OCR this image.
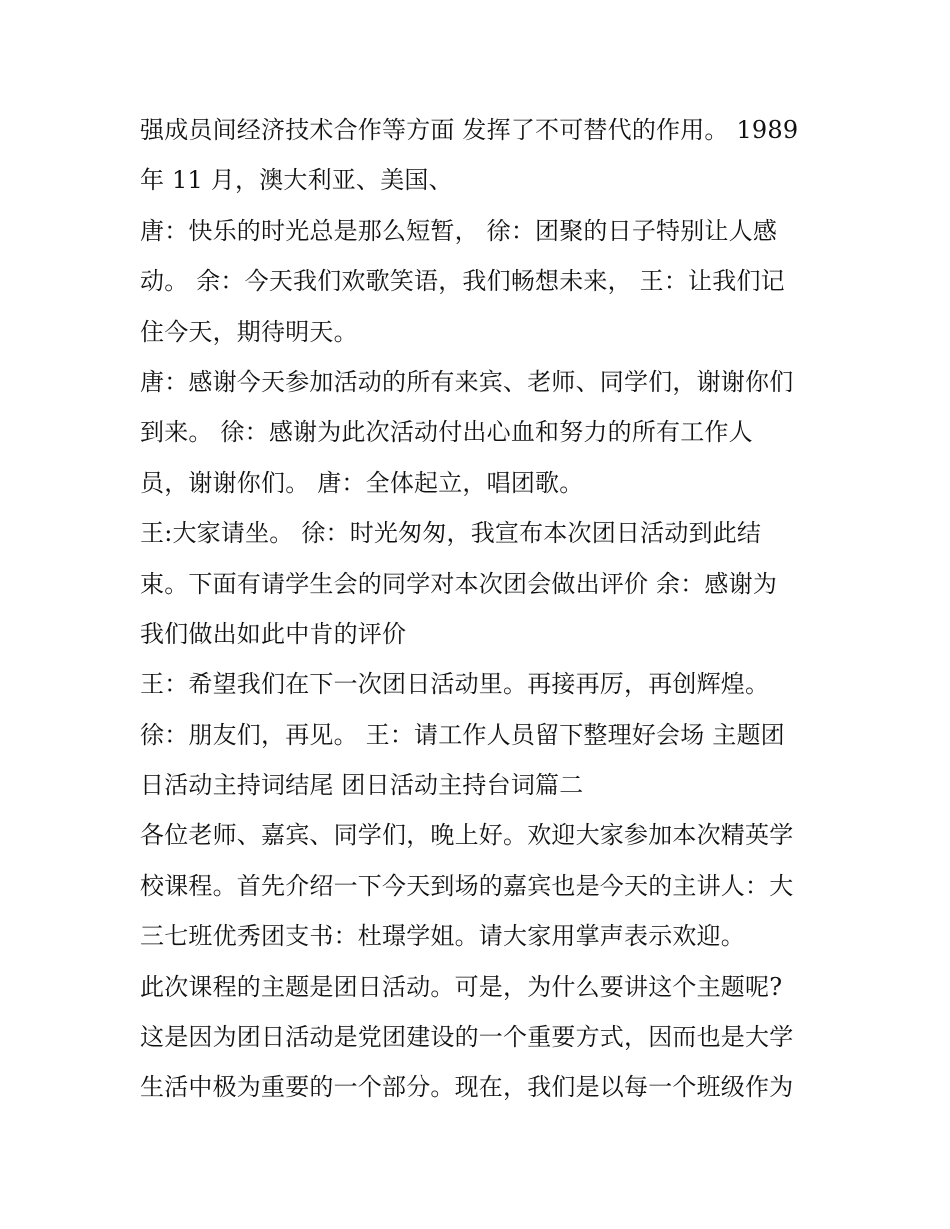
强成员间经济技术合作等方面 发挥了不可替代的作用。 1989
年 11 月，澳大利亚、美国、
唐：快乐的时光总是那么短暂， 徐：团聚的日子特别让人感
动。 余：今天我们欢歌笑语，我们畅想未来， 王：让我们记
住今天，期待明天。
唐：感谢今天参加活动的所有来宾、老师、同学们，谢谢你们
到来。 徐：感谢为此次活动付出心血和努力的所有工作人
员，谢谢你们。 唐：全体起立，唱团歌。
王:大家请坐。 徐：时光匆匆，我宣布本次团日活动到此结
束。下面有请学生会的同学对本次团会做出评价 余：感谢为
我们做出如此中肯的评价
王：希望我们在下一次团日活动里。再接再厉，再创辉煌。
徐：朋友们，再见。 王：请工作人员留下整理好会场 主题团
日活动主持词结尾 团日活动主持台词篇二
各位老师、嘉宾、同学们，晚上好。欢迎大家参加本次精英学
校课程。首先介绍一下今天到场的嘉宾也是今天的主讲人：大
三七班优秀团支书：杜璟学姐。请大家用掌声表示欢迎。
此次课程的主题是团日活动。可是，为什么要讲这个主题呢?
这是因为团日活动是党团建设的一个重要方式，因而也是大学
生活中极为重要的一个部分。现在，我们是以每一个班级作为
